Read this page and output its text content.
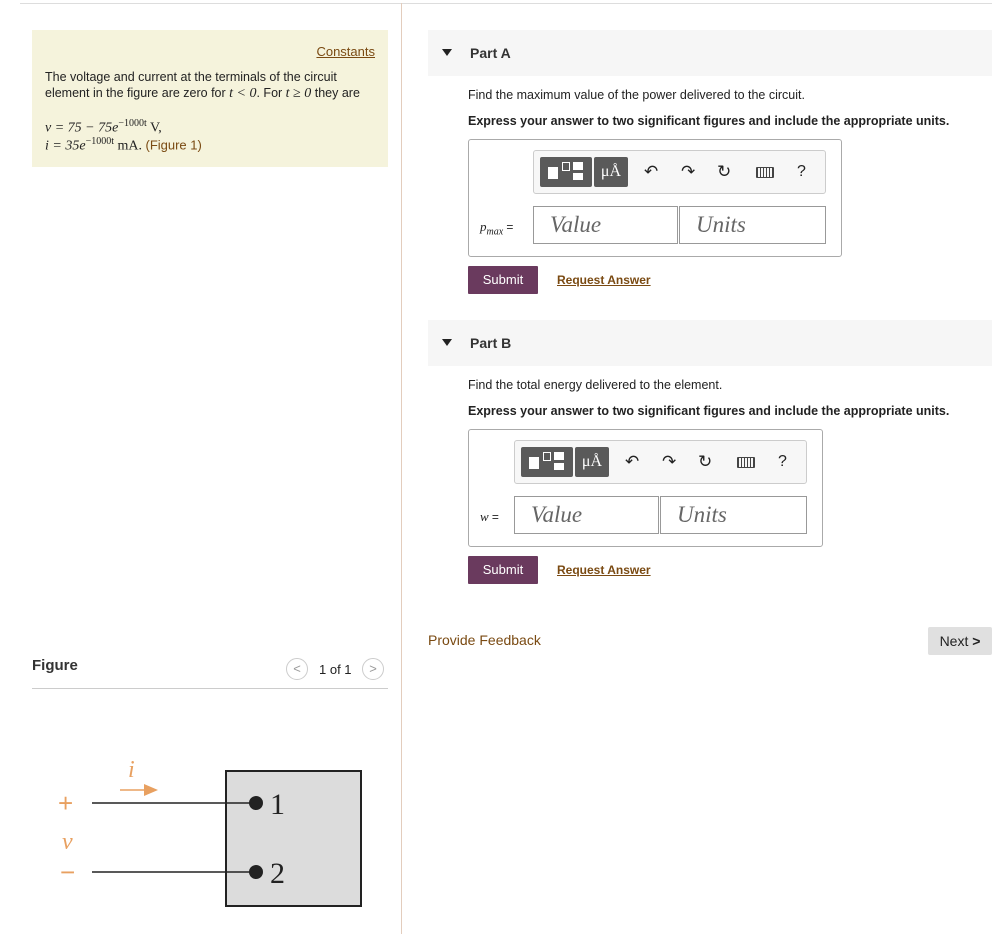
Constants
The voltage and current at the terminals of the circuit element in the figure are zero for t < 0. For t ≥ 0 they are
$v = 75 - 75e^{-1000t}$ V,
$i = 35e^{-1000t}$ mA. (Figure 1)
Figure	<	1 of 1	>
i
+
v
−
1
2
Part A
Find the maximum value of the power delivered to the circuit.
Express your answer to two significant figures and include the appropriate units.
μÅ	↶ ↷ ↻	?
$p_{max}$ =	Value	Units
Submit	Request Answer
Part B
Find the total energy delivered to the element.
Express your answer to two significant figures and include the appropriate units.
μÅ	↶ ↷ ↻	?
w =	Value	Units
Submit	Request Answer
Provide Feedback	Next >
